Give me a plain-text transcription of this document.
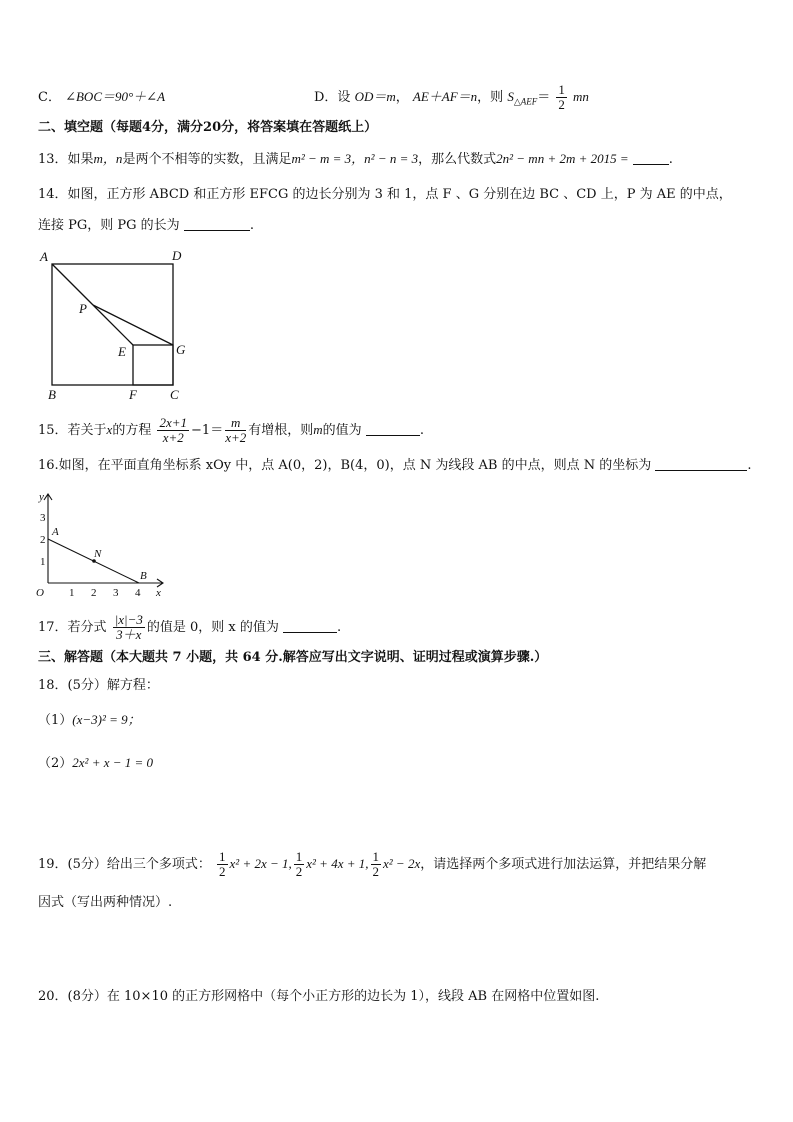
C． ∠BOC＝90°＋∠A	D．设 OD＝m， AE＋AF＝n，则 $S_{\triangle AEF}= \frac{1}{2}$ mn
二、填空题（每题4分，满分20分，将答案填在答题纸上）
13．如果m，n是两个不相等的实数，且满足m² − m = 3，n² − n = 3，那么代数式2n² − mn + 2m + 2015 =	.
14．如图，正方形 ABCD 和正方形 EFCG 的边长分别为 3 和 1，点 F 、G 分别在边 BC 、CD 上，P 为 AE 的中点，
连接 PG，则 PG 的长为	.
A	D
P
E	G
B	F	C
15．若关于x的方程 $\frac{2x+1}{x+2} -1= \frac{m}{x+2}$ 有增根，则m的值为	.
16.如图，在平面直角坐标系 xOy 中，点 A(0，2)，B(4，0)，点 N 为线段 AB 的中点，则点 N 的坐标为	.
y
x
O
A
B
N
1
2
3
1 2 3 4
17．若分式 $\frac{|x|-3}{3+x}$ 的值是 0，则 x 的值为	.
三、解答题（本大题共 7 小题，共 64 分.解答应写出文字说明、证明过程或演算步骤.）
18．(5分）解方程：
（1）(x−3)² = 9；
（2）2x² + x − 1 = 0
19．(5分）给出三个多项式： $\frac{1}{2} x^2 + 2x - 1$, $\frac{1}{2} x^2 + 4x + 1$, $\frac{1}{2} x^2 - 2x$，请选择两个多项式进行加法运算，并把结果分解
因式（写出两种情况）.
20．(8分）在 10×10 的正方形网格中（每个小正方形的边长为 1），线段 AB 在网格中位置如图.
